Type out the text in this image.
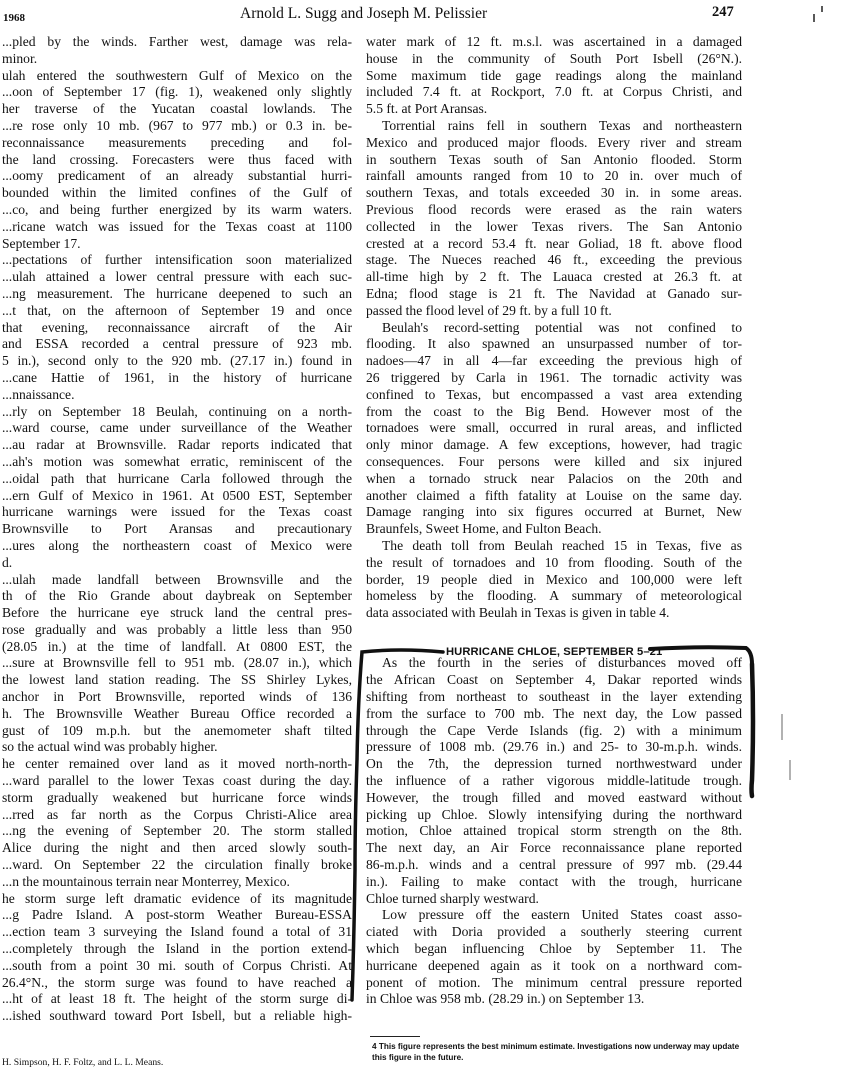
1968	Arnold L. Sugg and Joseph M. Pelissier	247
...pled by the winds. Farther west, damage was rela-
minor.
ulah entered the southwestern Gulf of Mexico on the
...oon of September 17 (fig. 1), weakened only slightly
her traverse of the Yucatan coastal lowlands. The
...re rose only 10 mb. (967 to 977 mb.) or 0.3 in. be-
reconnaissance measurements preceding and fol-
the land crossing. Forecasters were thus faced with
...oomy predicament of an already substantial hurri-
bounded within the limited confines of the Gulf of
...co, and being further energized by its warm waters.
...ricane watch was issued for the Texas coast at 1100
September 17.
...pectations of further intensification soon materialized
...ulah attained a lower central pressure with each suc-
...ng measurement. The hurricane deepened to such an
...t that, on the afternoon of September 19 and once
that evening, reconnaissance aircraft of the Air
and ESSA recorded a central pressure of 923 mb.
5 in.), second only to the 920 mb. (27.17 in.) found in
...cane Hattie of 1961, in the history of hurricane
...nnaissance.
...rly on September 18 Beulah, continuing on a north-
...ward course, came under surveillance of the Weather
...au radar at Brownsville. Radar reports indicated that
...ah's motion was somewhat erratic, reminiscent of the
...oidal path that hurricane Carla followed through the
...ern Gulf of Mexico in 1961. At 0500 EST, September
hurricane warnings were issued for the Texas coast
Brownsville to Port Aransas and precautionary
...ures along the northeastern coast of Mexico were
d.
...ulah made landfall between Brownsville and the
th of the Rio Grande about daybreak on September
Before the hurricane eye struck land the central pres-
rose gradually and was probably a little less than 950
(28.05 in.) at the time of landfall. At 0800 EST, the
...sure at Brownsville fell to 951 mb. (28.07 in.), which
the lowest land station reading. The SS Shirley Lykes,
anchor in Port Brownsville, reported winds of 136
h. The Brownsville Weather Bureau Office recorded a
gust of 109 m.p.h. but the anemometer shaft tilted
so the actual wind was probably higher.
he center remained over land as it moved north-north-
...ward parallel to the lower Texas coast during the day.
storm gradually weakened but hurricane force winds
...rred as far north as the Corpus Christi-Alice area
...ng the evening of September 20. The storm stalled
Alice during the night and then arced slowly south-
...ward. On September 22 the circulation finally broke
...n the mountainous terrain near Monterrey, Mexico.
he storm surge left dramatic evidence of its magnitude
...g Padre Island. A post-storm Weather Bureau-ESSA
...ection team 3 surveying the Island found a total of 31
...completely through the Island in the portion extend-
...south from a point 30 mi. south of Corpus Christi. At
26.4°N., the storm surge was found to have reached a
...ht of at least 18 ft. The height of the storm surge di-
...ished southward toward Port Isbell, but a reliable high-
water mark of 12 ft. m.s.l. was ascertained in a damaged
house in the community of South Port Isbell (26°N.).
Some maximum tide gage readings along the mainland
included 7.4 ft. at Rockport, 7.0 ft. at Corpus Christi, and
5.5 ft. at Port Aransas.
Torrential rains fell in southern Texas and northeastern
Mexico and produced major floods. Every river and stream
in southern Texas south of San Antonio flooded. Storm
rainfall amounts ranged from 10 to 20 in. over much of
southern Texas, and totals exceeded 30 in. in some areas.
Previous flood records were erased as the rain waters
collected in the lower Texas rivers. The San Antonio
crested at a record 53.4 ft. near Goliad, 18 ft. above flood
stage. The Nueces reached 46 ft., exceeding the previous
all-time high by 2 ft. The Lauaca crested at 26.3 ft. at
Edna; flood stage is 21 ft. The Navidad at Ganado sur-
passed the flood level of 29 ft. by a full 10 ft.
Beulah's record-setting potential was not confined to
flooding. It also spawned an unsurpassed number of tor-
nadoes—47 in all 4—far exceeding the previous high of
26 triggered by Carla in 1961. The tornadic activity was
confined to Texas, but encompassed a vast area extending
from the coast to the Big Bend. However most of the
tornadoes were small, occurred in rural areas, and inflicted
only minor damage. A few exceptions, however, had tragic
consequences. Four persons were killed and six injured
when a tornado struck near Palacios on the 20th and
another claimed a fifth fatality at Louise on the same day.
Damage ranging into six figures occurred at Burnet, New
Braunfels, Sweet Home, and Fulton Beach.
The death toll from Beulah reached 15 in Texas, five as
the result of tornadoes and 10 from flooding. South of the
border, 19 people died in Mexico and 100,000 were left
homeless by the flooding. A summary of meteorological
data associated with Beulah in Texas is given in table 4.
As the fourth in the series of disturbances moved off
the African Coast on September 4, Dakar reported winds
shifting from northeast to southeast in the layer extending
from the surface to 700 mb. The next day, the Low passed
through the Cape Verde Islands (fig. 2) with a minimum
pressure of 1008 mb. (29.76 in.) and 25- to 30-m.p.h. winds.
On the 7th, the depression turned northwestward under
the influence of a rather vigorous middle-latitude trough.
However, the trough filled and moved eastward without
picking up Chloe. Slowly intensifying during the northward
motion, Chloe attained tropical storm strength on the 8th.
The next day, an Air Force reconnaissance plane reported
86-m.p.h. winds and a central pressure of 997 mb. (29.44
in.). Failing to make contact with the trough, hurricane
Chloe turned sharply westward.
Low pressure off the eastern United States coast asso-
ciated with Doria provided a southerly steering current
which began influencing Chloe by September 11. The
hurricane deepened again as it took on a northward com-
ponent of motion. The minimum central pressure reported
in Chloe was 958 mb. (28.29 in.) on September 13.
HURRICANE CHLOE, SEPTEMBER 5–21
H. Simpson, H. F. Foltz, and L. L. Means.
4 This figure represents the best minimum estimate. Investigations now underway may update this figure in the future.
